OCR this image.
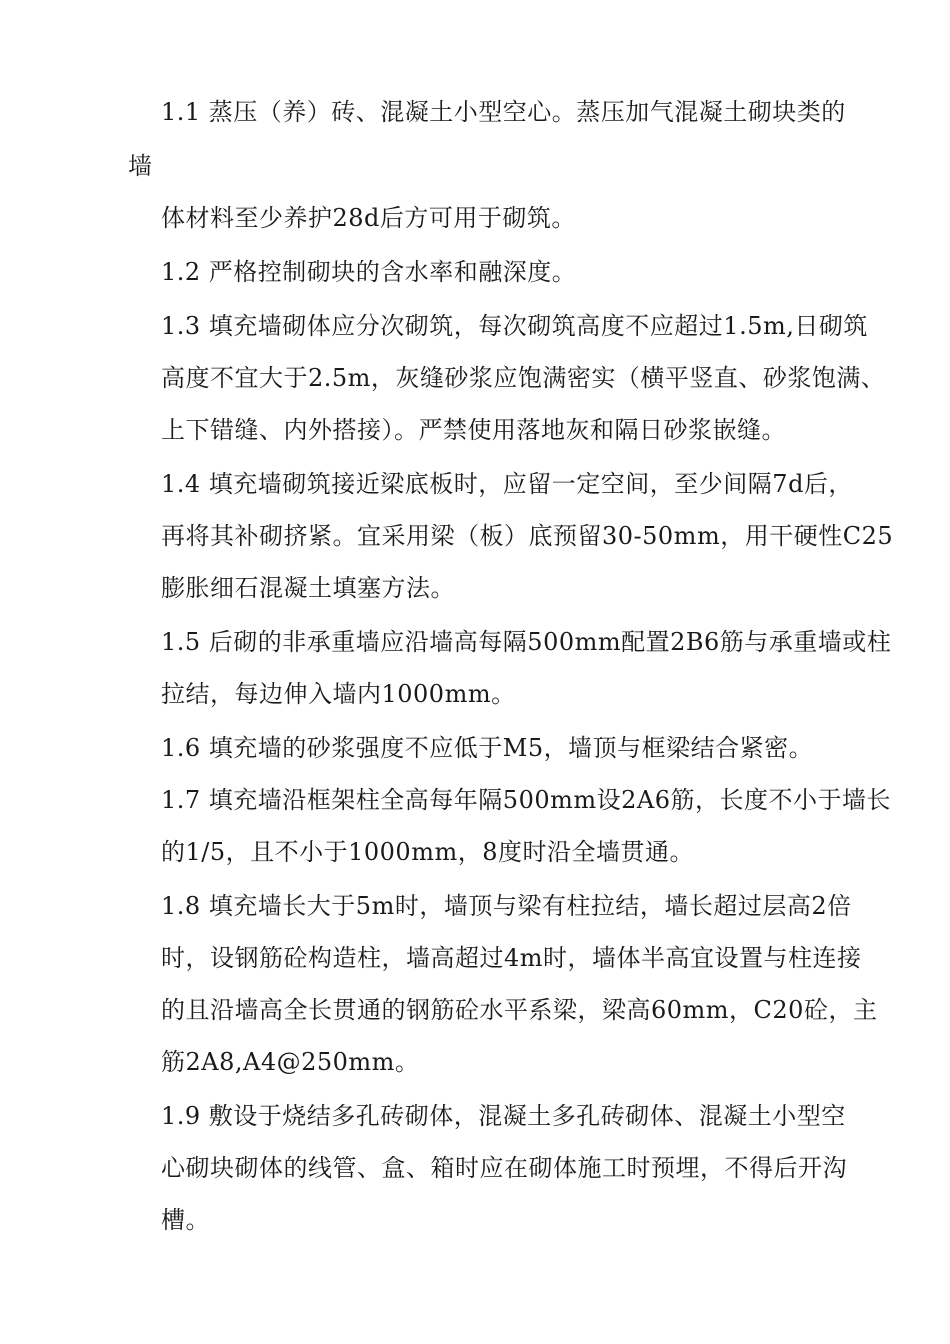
1.1 蒸压（养）砖、混凝土小型空心。蒸压加气混凝土砌块类的
墙
体材料至少养护28d后方可用于砌筑。
1.2 严格控制砌块的含水率和融深度。
1.3 填充墙砌体应分次砌筑，每次砌筑高度不应超过1.5m,日砌筑
高度不宜大于2.5m，灰缝砂浆应饱满密实（横平竖直、砂浆饱满、
上下错缝、内外搭接）。严禁使用落地灰和隔日砂浆嵌缝。
1.4 填充墙砌筑接近梁底板时，应留一定空间，至少间隔7d后，
再将其补砌挤紧。宜采用梁（板）底预留30-50mm，用干硬性C25
膨胀细石混凝土填塞方法。
1.5 后砌的非承重墙应沿墙高每隔500mm配置2B6筋与承重墙或柱
拉结，每边伸入墙内1000mm。
1.6 填充墙的砂浆强度不应低于M5，墙顶与框梁结合紧密。
1.7 填充墙沿框架柱全高每年隔500mm设2A6筋，长度不小于墙长
的1/5，且不小于1000mm，8度时沿全墙贯通。
1.8 填充墙长大于5m时，墙顶与梁有柱拉结，墙长超过层高2倍
时，设钢筋砼构造柱，墙高超过4m时，墙体半高宜设置与柱连接
的且沿墙高全长贯通的钢筋砼水平系梁，梁高60mm，C20砼，主
筋2A8,A4@250mm。
1.9 敷设于烧结多孔砖砌体，混凝土多孔砖砌体、混凝土小型空
心砌块砌体的线管、盒、箱时应在砌体施工时预埋，不得后开沟
槽。
